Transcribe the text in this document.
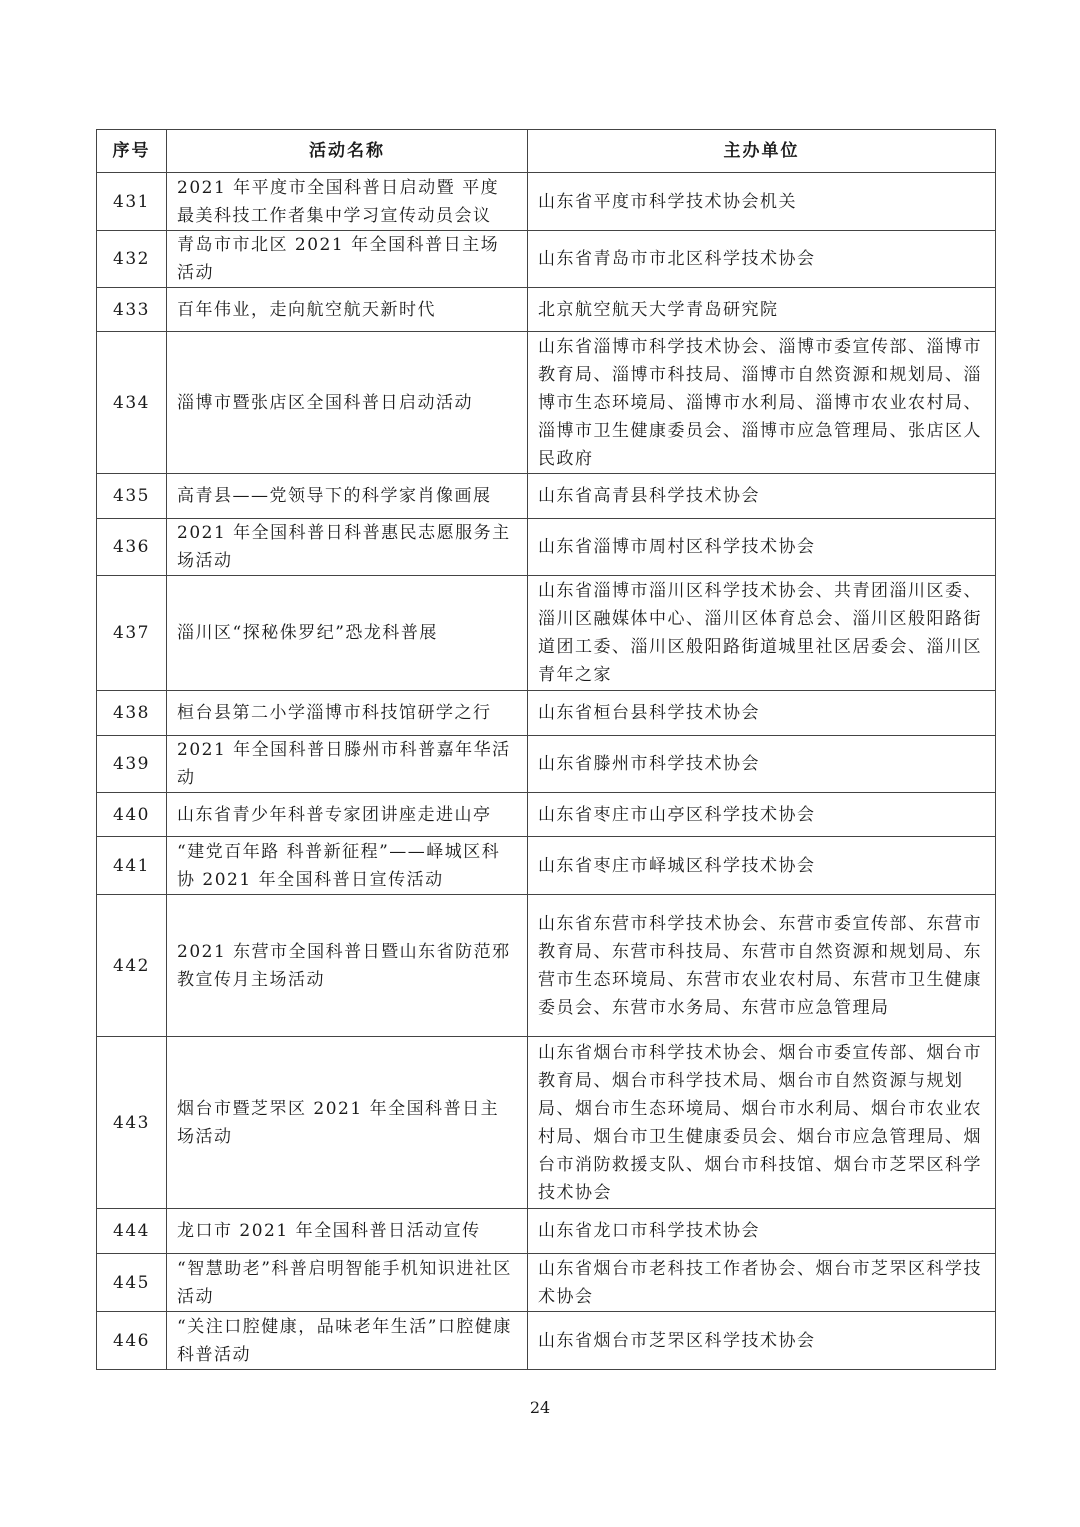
序号	活动名称	主办单位
431	2021 年平度市全国科普日启动暨 平度最美科技工作者集中学习宣传动员会议	山东省平度市科学技术协会机关
432	青岛市市北区 2021 年全国科普日主场活动	山东省青岛市市北区科学技术协会
433	百年伟业，走向航空航天新时代	北京航空航天大学青岛研究院
434	淄博市暨张店区全国科普日启动活动	山东省淄博市科学技术协会、淄博市委宣传部、淄博市教育局、淄博市科技局、淄博市自然资源和规划局、淄博市生态环境局、淄博市水利局、淄博市农业农村局、淄博市卫生健康委员会、淄博市应急管理局、张店区人民政府
435	高青县——党领导下的科学家肖像画展	山东省高青县科学技术协会
436	2021 年全国科普日科普惠民志愿服务主场活动	山东省淄博市周村区科学技术协会
437	淄川区“探秘侏罗纪”恐龙科普展	山东省淄博市淄川区科学技术协会、共青团淄川区委、淄川区融媒体中心、淄川区体育总会、淄川区般阳路街道团工委、淄川区般阳路街道城里社区居委会、淄川区青年之家
438	桓台县第二小学淄博市科技馆研学之行	山东省桓台县科学技术协会
439	2021 年全国科普日滕州市科普嘉年华活动	山东省滕州市科学技术协会
440	山东省青少年科普专家团讲座走进山亭	山东省枣庄市山亭区科学技术协会
441	“建党百年路 科普新征程”——峄城区科协 2021 年全国科普日宣传活动	山东省枣庄市峄城区科学技术协会
442	2021 东营市全国科普日暨山东省防范邪教宣传月主场活动	山东省东营市科学技术协会、东营市委宣传部、东营市教育局、东营市科技局、东营市自然资源和规划局、东营市生态环境局、东营市农业农村局、东营市卫生健康委员会、东营市水务局、东营市应急管理局
443	烟台市暨芝罘区 2021 年全国科普日主场活动	山东省烟台市科学技术协会、烟台市委宣传部、烟台市教育局、烟台市科学技术局、烟台市自然资源与规划局、烟台市生态环境局、烟台市水利局、烟台市农业农村局、烟台市卫生健康委员会、烟台市应急管理局、烟台市消防救援支队、烟台市科技馆、烟台市芝罘区科学技术协会
444	龙口市 2021 年全国科普日活动宣传	山东省龙口市科学技术协会
445	“智慧助老”科普启明智能手机知识进社区活动	山东省烟台市老科技工作者协会、烟台市芝罘区科学技术协会
446	“关注口腔健康，品味老年生活”口腔健康科普活动	山东省烟台市芝罘区科学技术协会
24
